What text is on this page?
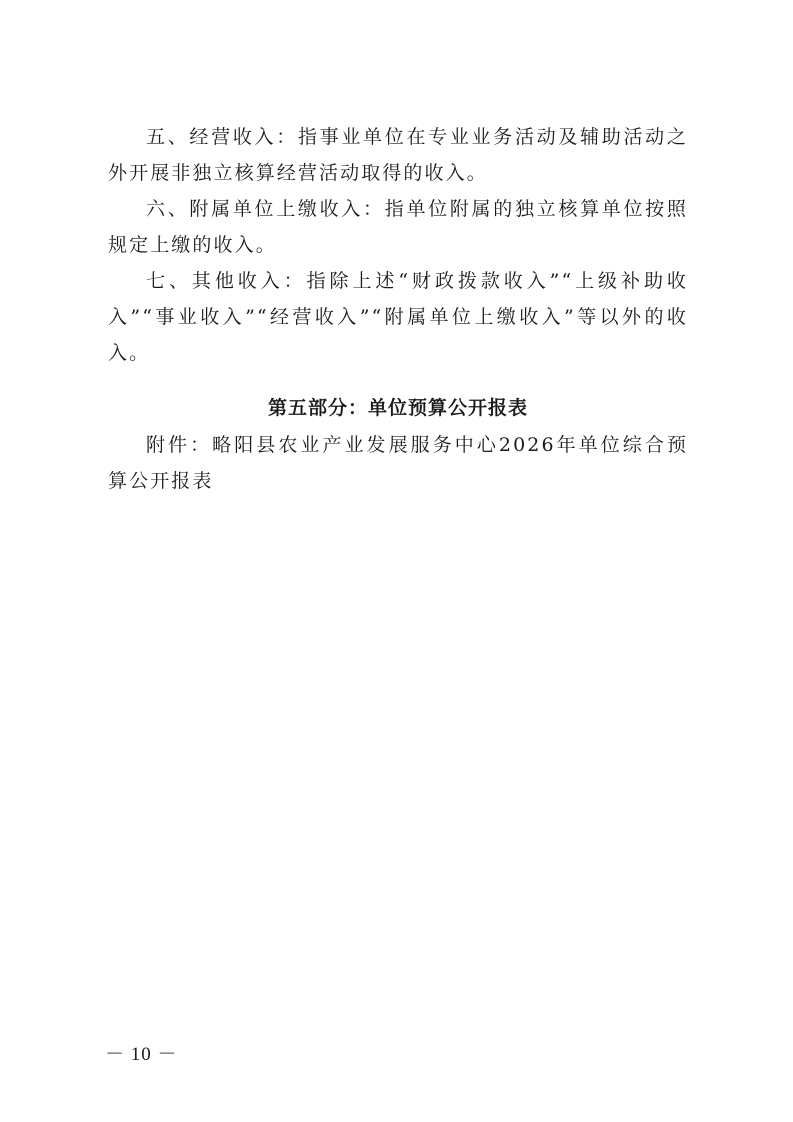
五、经营收入：指事业单位在专业业务活动及辅助活动之外开展非独立核算经营活动取得的收入。

六、附属单位上缴收入：指单位附属的独立核算单位按照规定上缴的收入。

七、其他收入：指除上述“财政拨款收入”“上级补助收入”“事业收入”“经营收入”“附属单位上缴收入”等以外的收入。

第五部分：单位预算公开报表

附件：略阳县农业产业发展服务中心2026年单位综合预算公开报表

－ 10 －
